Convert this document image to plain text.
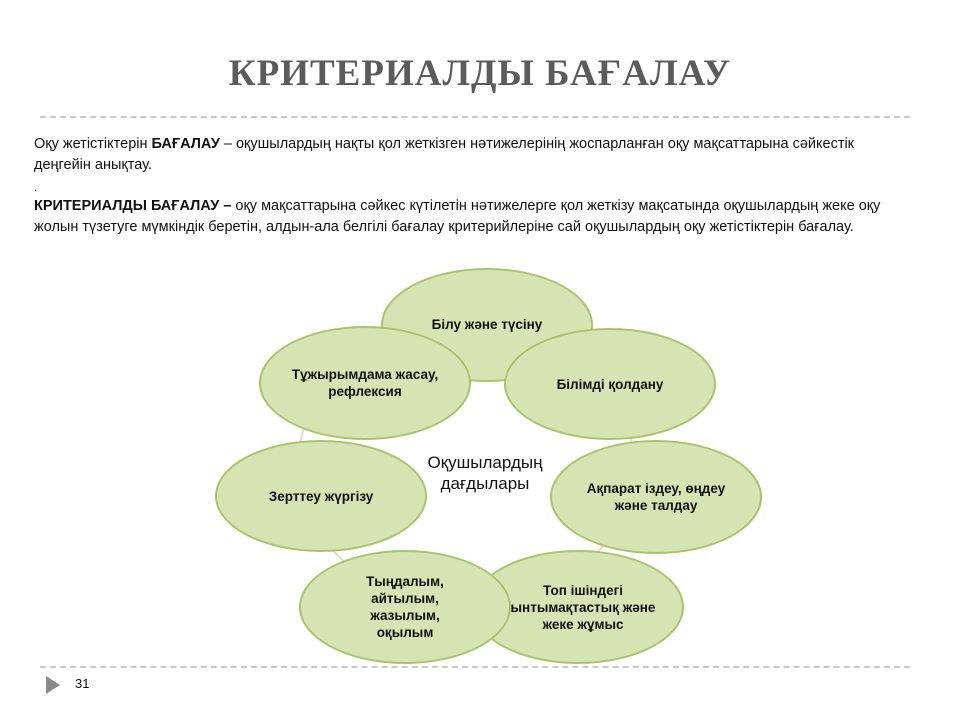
КРИТЕРИАЛДЫ БАҒАЛАУ
Оқу жетістіктерін БАҒАЛАУ – оқушылардың нақты қол жеткізген нәтижелерінің жоспарланған оқу мақсаттарына сәйкестік деңгейін анықтау.
.
КРИТЕРИАЛДЫ БАҒАЛАУ – оқу мақсаттарына сәйкес күтілетін нәтижелерге қол жеткізу мақсатында оқушылардың жеке оқу жолын түзетуге мүмкіндік беретін, алдын-ала белгілі бағалау критерийлеріне сай оқушылардың оқу жетістіктерін бағалау.
Білу және түсіну
Білімді қолдану
Тұжырымдама жасау, рефлексия
Зерттеу жүргізу
Оқушылардың дағдылары	Ақпарат іздеу, өңдеу және талдау
Топ ішіндегі ынтымақтастық және жеке жұмыс
Тыңдалым, айтылым, жазылым, оқылым
31
